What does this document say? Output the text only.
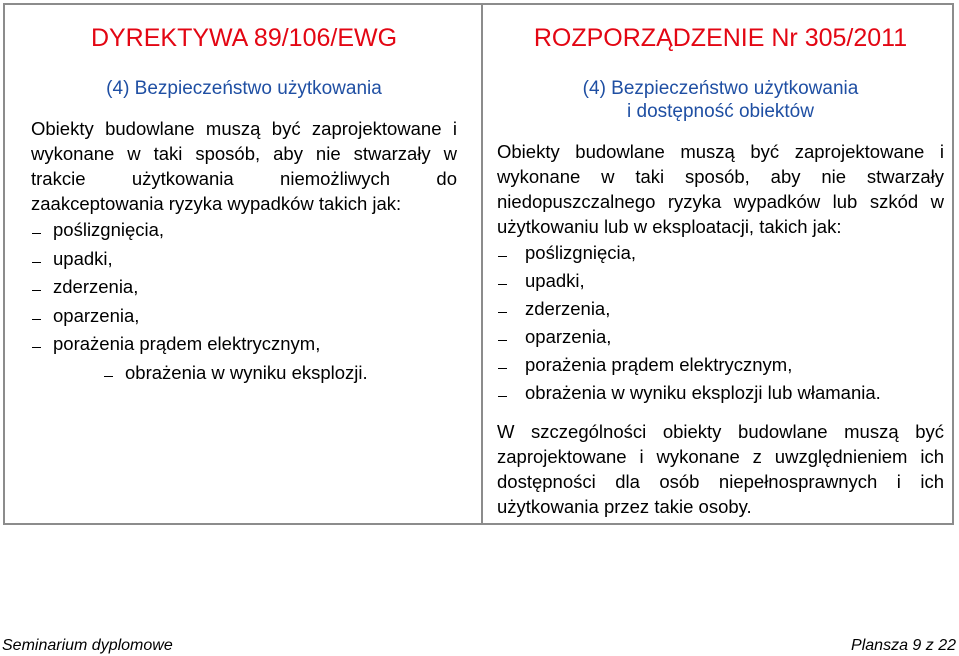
DYREKTYWA 89/106/EWG
(4) Bezpieczeństwo użytkowania
Obiekty budowlane muszą być zaprojektowane i wykonane w taki sposób, aby nie stwarzały w trakcie użytkowania niemożliwych do zaakceptowania ryzyka wypadków takich jak:
poślizgnięcia,
upadki,
zderzenia,
oparzenia,
porażenia prądem elektrycznym,
obrażenia w wyniku eksplozji.
ROZPORZĄDZENIE Nr 305/2011
(4) Bezpieczeństwo użytkowania
i dostępność obiektów
Obiekty budowlane muszą być zaprojektowane i wykonane w taki sposób, aby nie stwarzały niedopuszczalnego ryzyka wypadków lub szkód w użytkowaniu lub w eksploatacji, takich jak:
poślizgnięcia,
upadki,
zderzenia,
oparzenia,
porażenia prądem elektrycznym,
obrażenia w wyniku eksplozji lub włamania.
W szczególności obiekty budowlane muszą być zaprojektowane i wykonane z uwzględnieniem ich dostępności dla osób niepełnosprawnych i ich użytkowania przez takie osoby.
Seminarium dyplomowe	Plansza 9 z 22
